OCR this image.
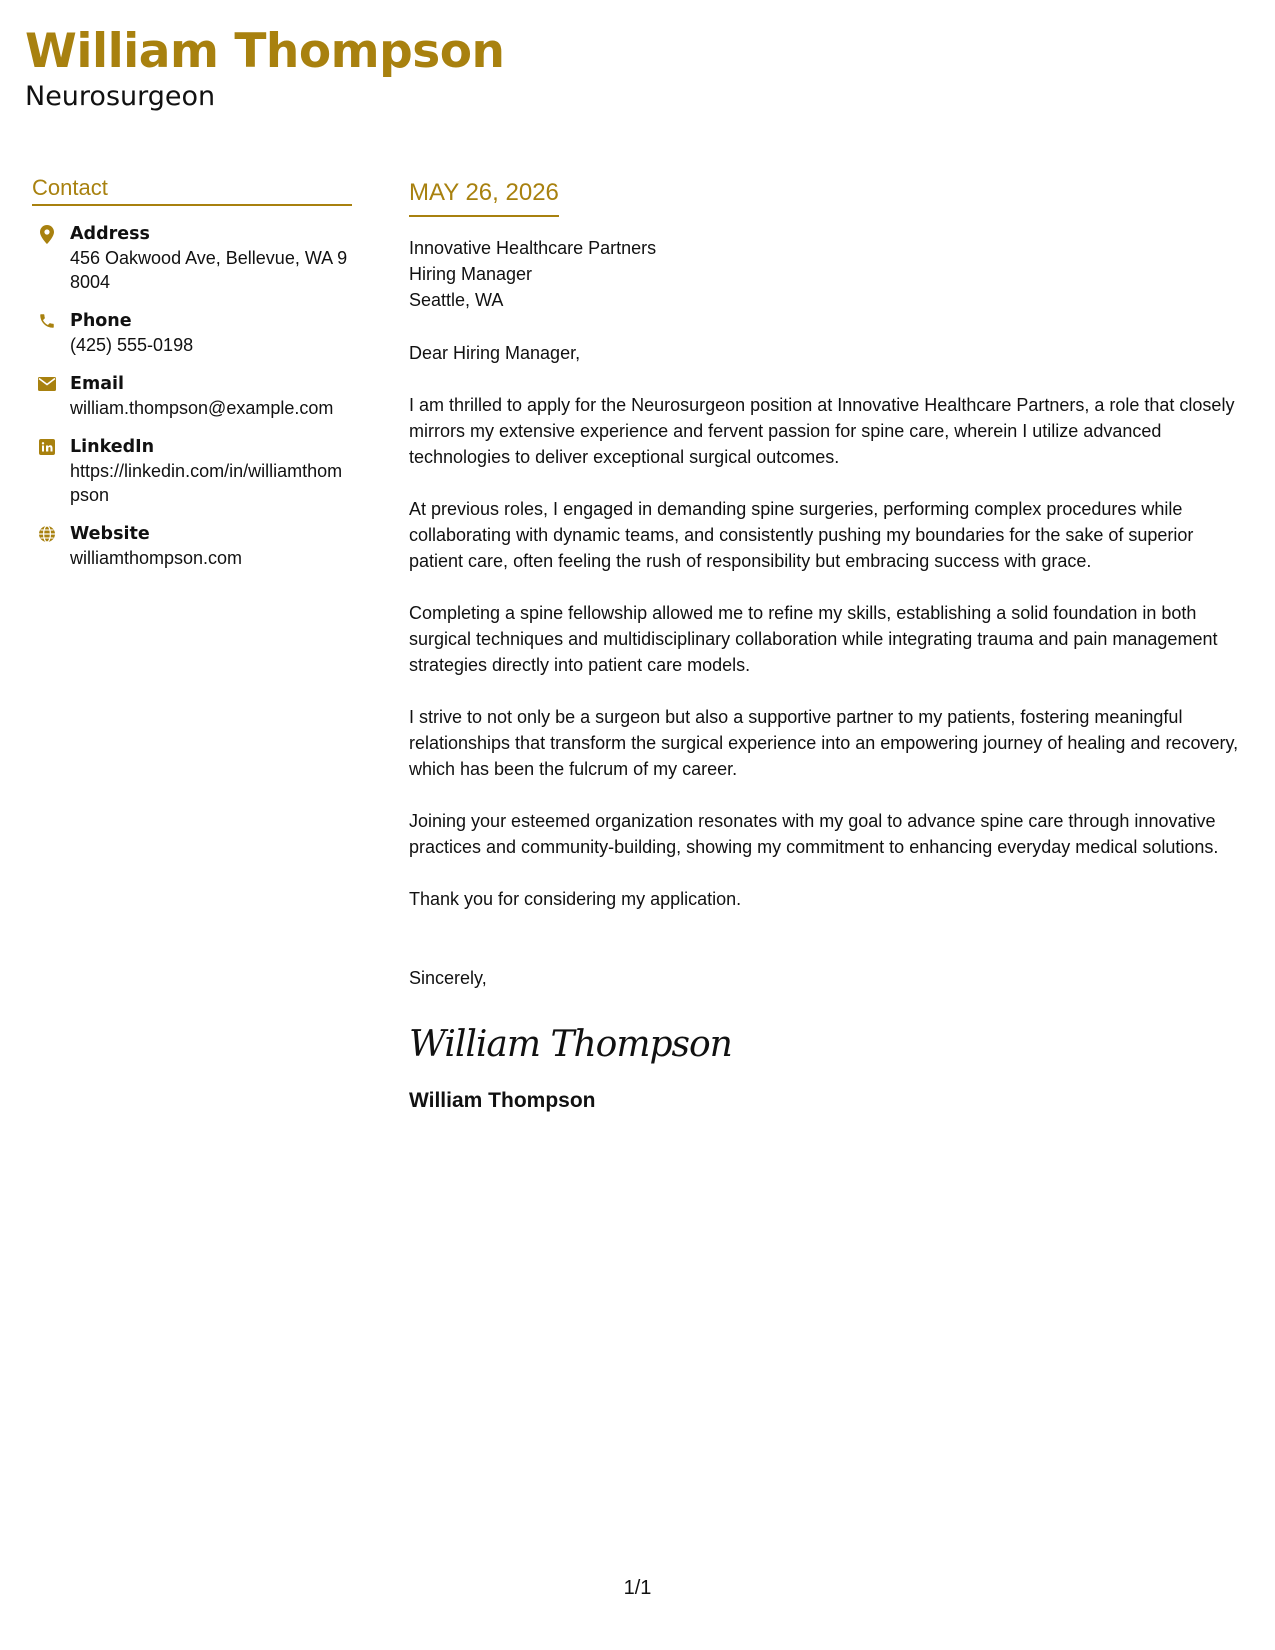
William Thompson
Neurosurgeon
Contact
Address
456 Oakwood Ave, Bellevue, WA 98004
Phone
(425) 555-0198
Email
william.thompson@example.com
LinkedIn
https://linkedin.com/in/williamthompson
Website
williamthompson.com
MAY 26, 2026
Innovative Healthcare Partners
Hiring Manager
Seattle, WA
Dear Hiring Manager,
I am thrilled to apply for the Neurosurgeon position at Innovative Healthcare Partners, a role that closely mirrors my extensive experience and fervent passion for spine care, wherein I utilize advanced technologies to deliver exceptional surgical outcomes.
At previous roles, I engaged in demanding spine surgeries, performing complex procedures while collaborating with dynamic teams, and consistently pushing my boundaries for the sake of superior patient care, often feeling the rush of responsibility but embracing success with grace.
Completing a spine fellowship allowed me to refine my skills, establishing a solid foundation in both surgical techniques and multidisciplinary collaboration while integrating trauma and pain management strategies directly into patient care models.
I strive to not only be a surgeon but also a supportive partner to my patients, fostering meaningful relationships that transform the surgical experience into an empowering journey of healing and recovery, which has been the fulcrum of my career.
Joining your esteemed organization resonates with my goal to advance spine care through innovative practices and community-building, showing my commitment to enhancing everyday medical solutions.
Thank you for considering my application.
Sincerely,
William Thompson
William Thompson
1/1
